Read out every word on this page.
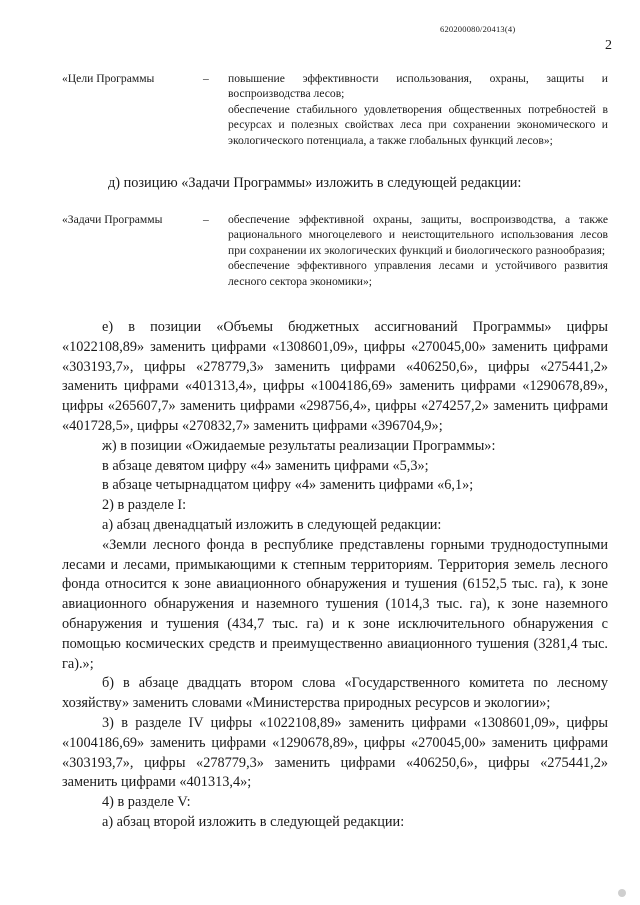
620200080/20413(4)
2
«Цели Программы	– повышение эффективности использования, охраны, защиты и воспроизводства лесов;

обеспечение стабильного удовлетворения общественных потребностей в ресурсах и полезных свойствах леса при сохранении экономического и экологического потенциала, а также глобальных функций лесов»;

д) позицию «Задачи Программы» изложить в следующей редакции:
«Задачи Программы	– обеспечение эффективной охраны, защиты, воспроизводства, а также рационального многоцелевого и неистощительного использования лесов при сохранении их экологических функций и биологического разнообразия;

обеспечение эффективного управления лесами и устойчивого развития лесного сектора экономики»;

е) в позиции «Объемы бюджетных ассигнований Программы» цифры «1022108,89» заменить цифрами «1308601,09», цифры «270045,00» заменить цифрами «303193,7», цифры «278779,3» заменить цифрами «406250,6», цифры «275441,2» заменить цифрами «401313,4», цифры «1004186,69» заменить цифрами «1290678,89», цифры «265607,7» заменить цифрами «298756,4», цифры «274257,2» заменить цифрами «401728,5», цифры «270832,7» заменить цифрами «396704,9»;

ж) в позиции «Ожидаемые результаты реализации Программы»:

в абзаце девятом цифру «4» заменить цифрами «5,3»;

в абзаце четырнадцатом цифру «4» заменить цифрами «6,1»;

2) в разделе I:

а) абзац двенадцатый изложить в следующей редакции:

«Земли лесного фонда в республике представлены горными труднодоступными лесами и лесами, примыкающими к степным территориям. Территория земель лесного фонда относится к зоне авиационного обнаружения и тушения (6152,5 тыс. га), к зоне авиационного обнаружения и наземного тушения (1014,3 тыс. га), к зоне наземного обнаружения и тушения (434,7 тыс. га) и к зоне исключительного обнаружения с помощью космических средств и преимущественно авиационного тушения (3281,4 тыс. га).»;

б) в абзаце двадцать втором слова «Государственного комитета по лесному хозяйству» заменить словами «Министерства природных ресурсов и экологии»;

3) в разделе IV цифры «1022108,89» заменить цифрами «1308601,09», цифры «1004186,69» заменить цифрами «1290678,89», цифры «270045,00» заменить цифрами «303193,7», цифры «278779,3» заменить цифрами «406250,6», цифры «275441,2» заменить цифрами «401313,4»;

4) в разделе V:

а) абзац второй изложить в следующей редакции:
